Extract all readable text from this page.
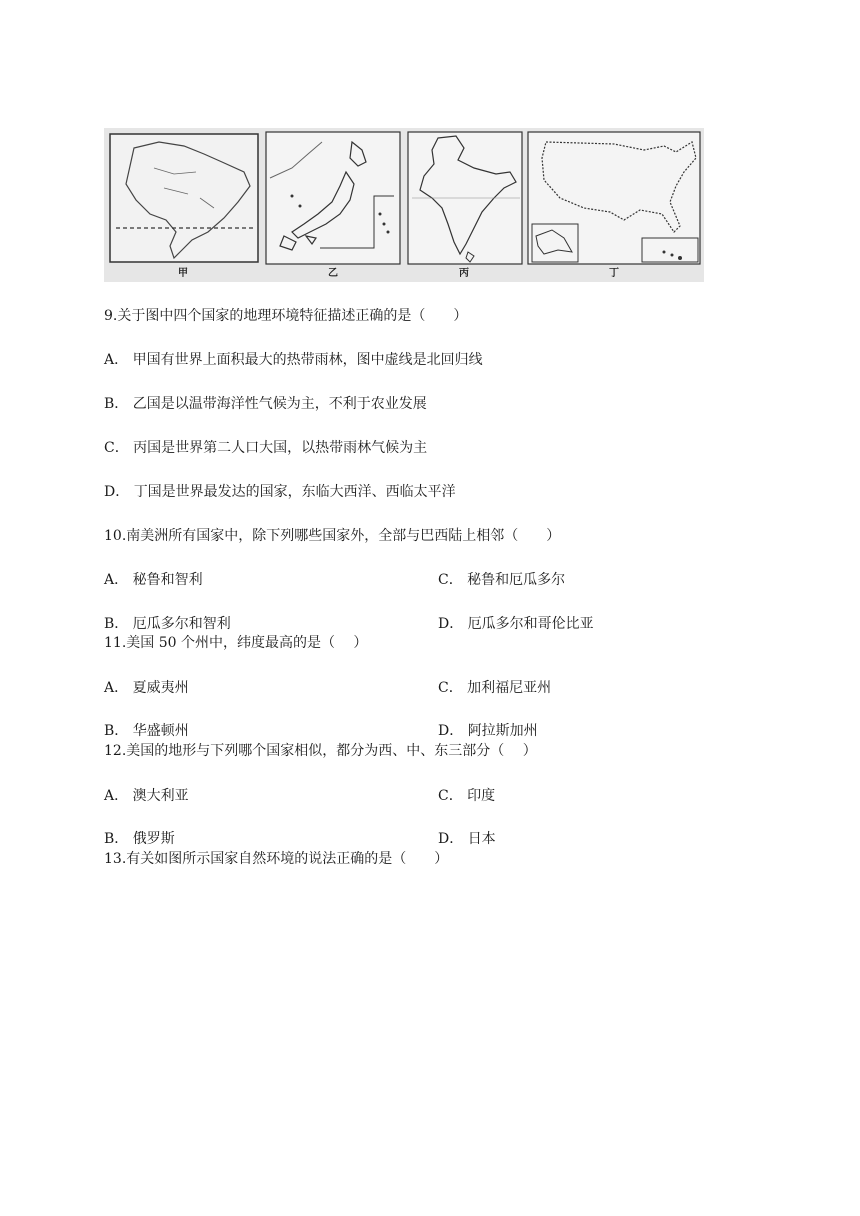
甲	乙	丙	丁
9.关于图中四个国家的地理环境特征描述正确的是（　　）
A． 甲国有世界上面积最大的热带雨林，图中虚线是北回归线
B． 乙国是以温带海洋性气候为主，不利于农业发展
C． 丙国是世界第二人口大国，以热带雨林气候为主
D． 丁国是世界最发达的国家，东临大西洋、西临太平洋
10.南美洲所有国家中，除下列哪些国家外，全部与巴西陆上相邻（　　）
A． 秘鲁和智利	C． 秘鲁和厄瓜多尔
B． 厄瓜多尔和智利	D． 厄瓜多尔和哥伦比亚
11.美国 50 个州中，纬度最高的是（　 ）
A． 夏威夷州	C． 加利福尼亚州
B． 华盛顿州	D． 阿拉斯加州
12.美国的地形与下列哪个国家相似，都分为西、中、东三部分（　 ）
A． 澳大利亚	C． 印度
B． 俄罗斯	D． 日本
13.有关如图所示国家自然环境的说法正确的是（　　）
